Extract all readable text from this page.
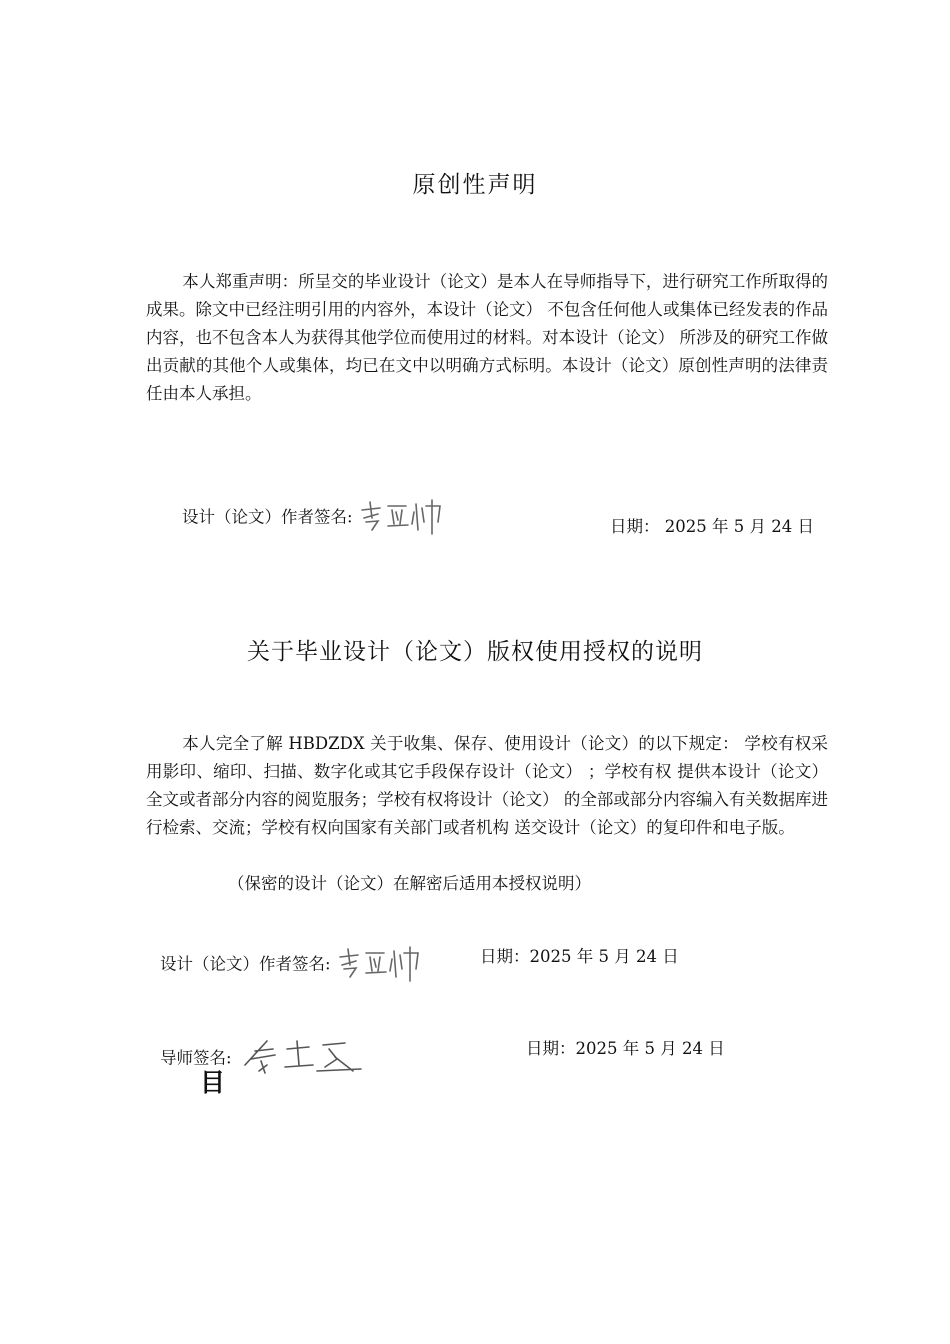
原创性声明
本人郑重声明：所呈交的毕业设计（论文）是本人在导师指导下，进行研究工作所取得的成果。除文中已经注明引用的内容外，本设计（论文） 不包含任何他人或集体已经发表的作品内容，也不包含本人为获得其他学位而使用过的材料。对本设计（论文） 所涉及的研究工作做出贡献的其他个人或集体，均已在文中以明确方式标明。本设计（论文）原创性声明的法律责任由本人承担。
设计（论文）作者签名:	日期： 2025 年 5 月 24 日
关于毕业设计（论文）版权使用授权的说明
本人完全了解 HBDZDX 关于收集、保存、使用设计（论文）的以下规定： 学校有权采用影印、缩印、扫描、数字化或其它手段保存设计（论文） ；学校有权 提供本设计（论文） 全文或者部分内容的阅览服务；学校有权将设计（论文） 的全部或部分内容编入有关数据库进行检索、交流；学校有权向国家有关部门或者机构 送交设计（论文）的复印件和电子版。
（保密的设计（论文）在解密后适用本授权说明）
设计（论文）作者签名:	日期：2025 年 5 月 24 日
导师签名:	日期：2025 年 5 月 24 日
目
